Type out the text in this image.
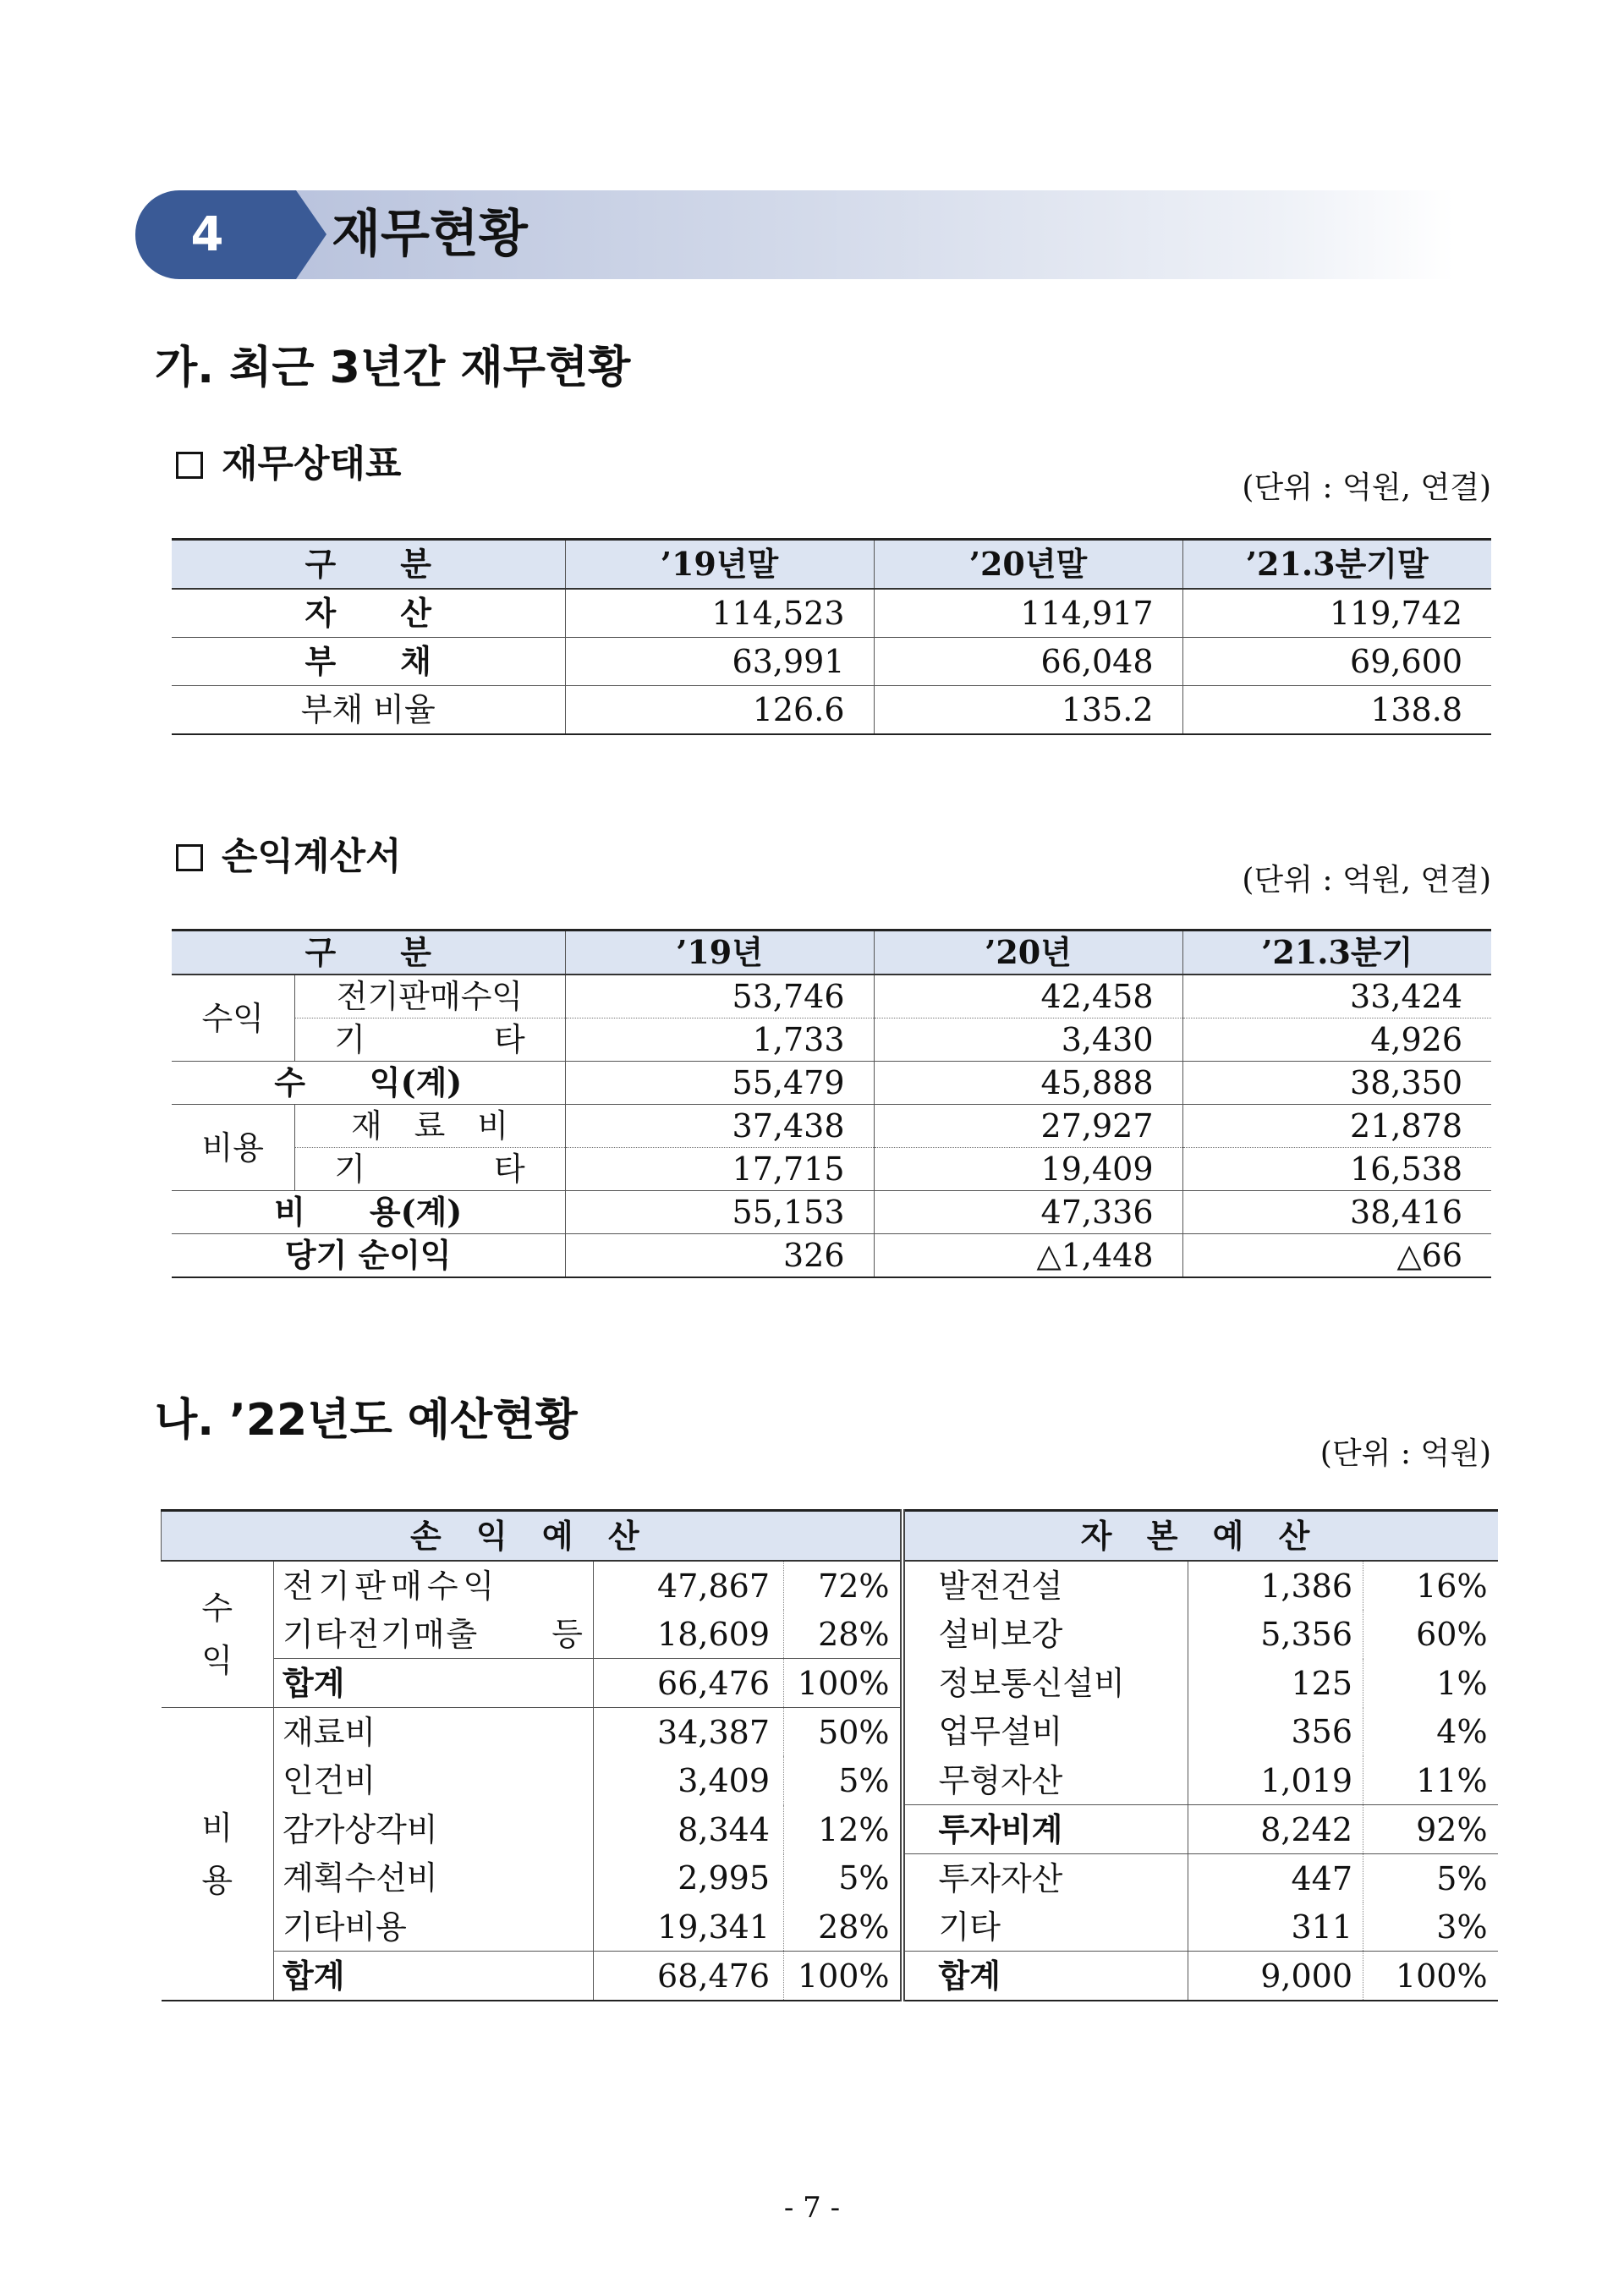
4	재무현황
가. 최근 3년간 재무현황
재무상태표
(단위 : 억원, 연결)
구　　분	’19년말	’20년말	’21.3분기말
자　　산	114,523	114,917	119,742
부　　채	63,991	66,048	69,600
부채 비율	126.6	135.2	138.8
손익계산서
(단위 : 억원, 연결)
구　　분		’19년	’20년	’21.3분기
수익	전기판매수익	53,746	42,458	33,424
	기　　　　타	1,733	3,430	4,926
수　　익(계)		55,479	45,888	38,350
비용	재　료　비	37,438	27,927	21,878
	기　　　　타	17,715	19,409	16,538
비　　용(계)		55,153	47,336	38,416
당기 순이익		326	△1,448	△66
나. ’22년도 예산현황
(단위 : 억원)
손 익 예 산				자 본 예 산		
수익	전기판매수익	47,867	72%	발전건설	1,386	16%
	기타전기매출 등	18,609	28%	설비보강	5,356	60%
	합계	66,476	100%	정보통신설비	125	1%
비용	재료비	34,387	50%	업무설비	356	4%
	인건비	3,409	5%	무형자산	1,019	11%
	감가상각비	8,344	12%	투자비계	8,242	92%
	계획수선비	2,995	5%	투자자산	447	5%
	기타비용	19,341	28%	기타	311	3%
	합계	68,476	100%	합계	9,000	100%
- 7 -
